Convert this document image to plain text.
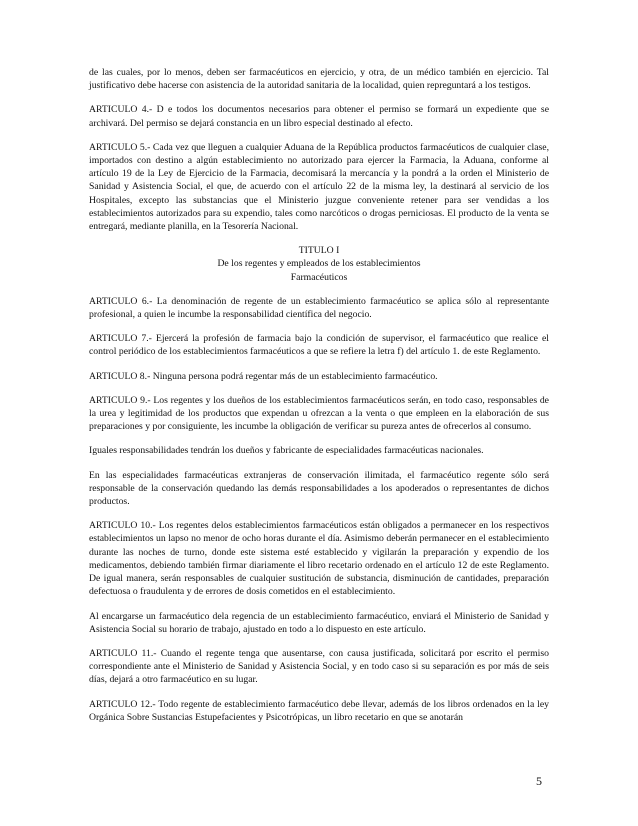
de las cuales, por lo menos, deben ser farmacéuticos en ejercicio, y otra, de un médico también en ejercicio. Tal justificativo debe hacerse con asistencia de la autoridad sanitaria de la localidad, quien repreguntará a los testigos.

ARTICULO 4.- D e todos los documentos necesarios para obtener el permiso se formará un expediente que se archivará. Del permiso se dejará constancia en un libro especial destinado al efecto.

ARTICULO 5.- Cada vez que lleguen a cualquier Aduana de la República productos farmacéuticos de cualquier clase, importados con destino a algún establecimiento no autorizado para ejercer la Farmacia, la Aduana, conforme al artículo 19 de la Ley de Ejercicio de la Farmacia, decomisará la mercancía y la pondrá a la orden el Ministerio de Sanidad y Asistencia Social, el que, de acuerdo con el artículo 22 de la misma ley, la destinará al servicio de los Hospitales, excepto las substancias que el Ministerio juzgue conveniente retener para ser vendidas a los establecimientos autorizados para su expendio, tales como narcóticos o drogas perniciosas. El producto de la venta se entregará, mediante planilla, en la Tesorería Nacional.

TITULO I
De los regentes y empleados de los establecimientos
Farmacéuticos

ARTICULO 6.- La denominación de regente de un establecimiento farmacéutico se aplica sólo al representante profesional, a quien le incumbe la responsabilidad científica del negocio.

ARTICULO 7.- Ejercerá la profesión de farmacia bajo la condición de supervisor, el farmacéutico que realice el control periódico de los establecimientos farmacéuticos a que se refiere la letra f) del artículo 1. de este Reglamento.

ARTICULO 8.- Ninguna persona podrá regentar más de un establecimiento farmacéutico.

ARTICULO 9.- Los regentes y los dueños de los establecimientos farmacéuticos serán, en todo caso, responsables de la urea y legitimidad de los productos que expendan u ofrezcan a la venta o que empleen en la elaboración de sus preparaciones y por consiguiente, les incumbe la obligación de verificar su pureza antes de ofrecerlos al consumo.

Iguales responsabilidades tendrán los dueños y fabricante de especialidades farmacéuticas nacionales.

En las especialidades farmacéuticas extranjeras de conservación ilimitada, el farmacéutico regente sólo será responsable de la conservación quedando las demás responsabilidades a los apoderados o representantes de dichos productos.

ARTICULO 10.- Los regentes delos establecimientos farmacéuticos están obligados a permanecer en los respectivos establecimientos un lapso no menor de ocho horas durante el día. Asimismo deberán permanecer en el establecimiento durante las noches de turno, donde este sistema esté establecido y vigilarán la preparación y expendio de los medicamentos, debiendo también firmar diariamente el libro recetario ordenado en el artículo 12 de este Reglamento. De igual manera, serán responsables de cualquier sustitución de substancia, disminución de cantidades, preparación defectuosa o fraudulenta y de errores de dosis cometidos en el establecimiento.

Al encargarse un farmacéutico dela regencia de un establecimiento farmacéutico, enviará el Ministerio de Sanidad y Asistencia Social su horario de trabajo, ajustado en todo a lo dispuesto en este artículo.

ARTICULO 11.- Cuando el regente tenga que ausentarse, con causa justificada, solicitará por escrito el permiso correspondiente ante el Ministerio de Sanidad y Asistencia Social, y en todo caso si su separación es por más de seis días, dejará a otro farmacéutico en su lugar.

ARTICULO 12.- Todo regente de establecimiento farmacéutico debe llevar, además de los libros ordenados en la ley Orgánica Sobre Sustancias Estupefacientes y Psicotrópicas, un libro recetario en que se anotarán

5
